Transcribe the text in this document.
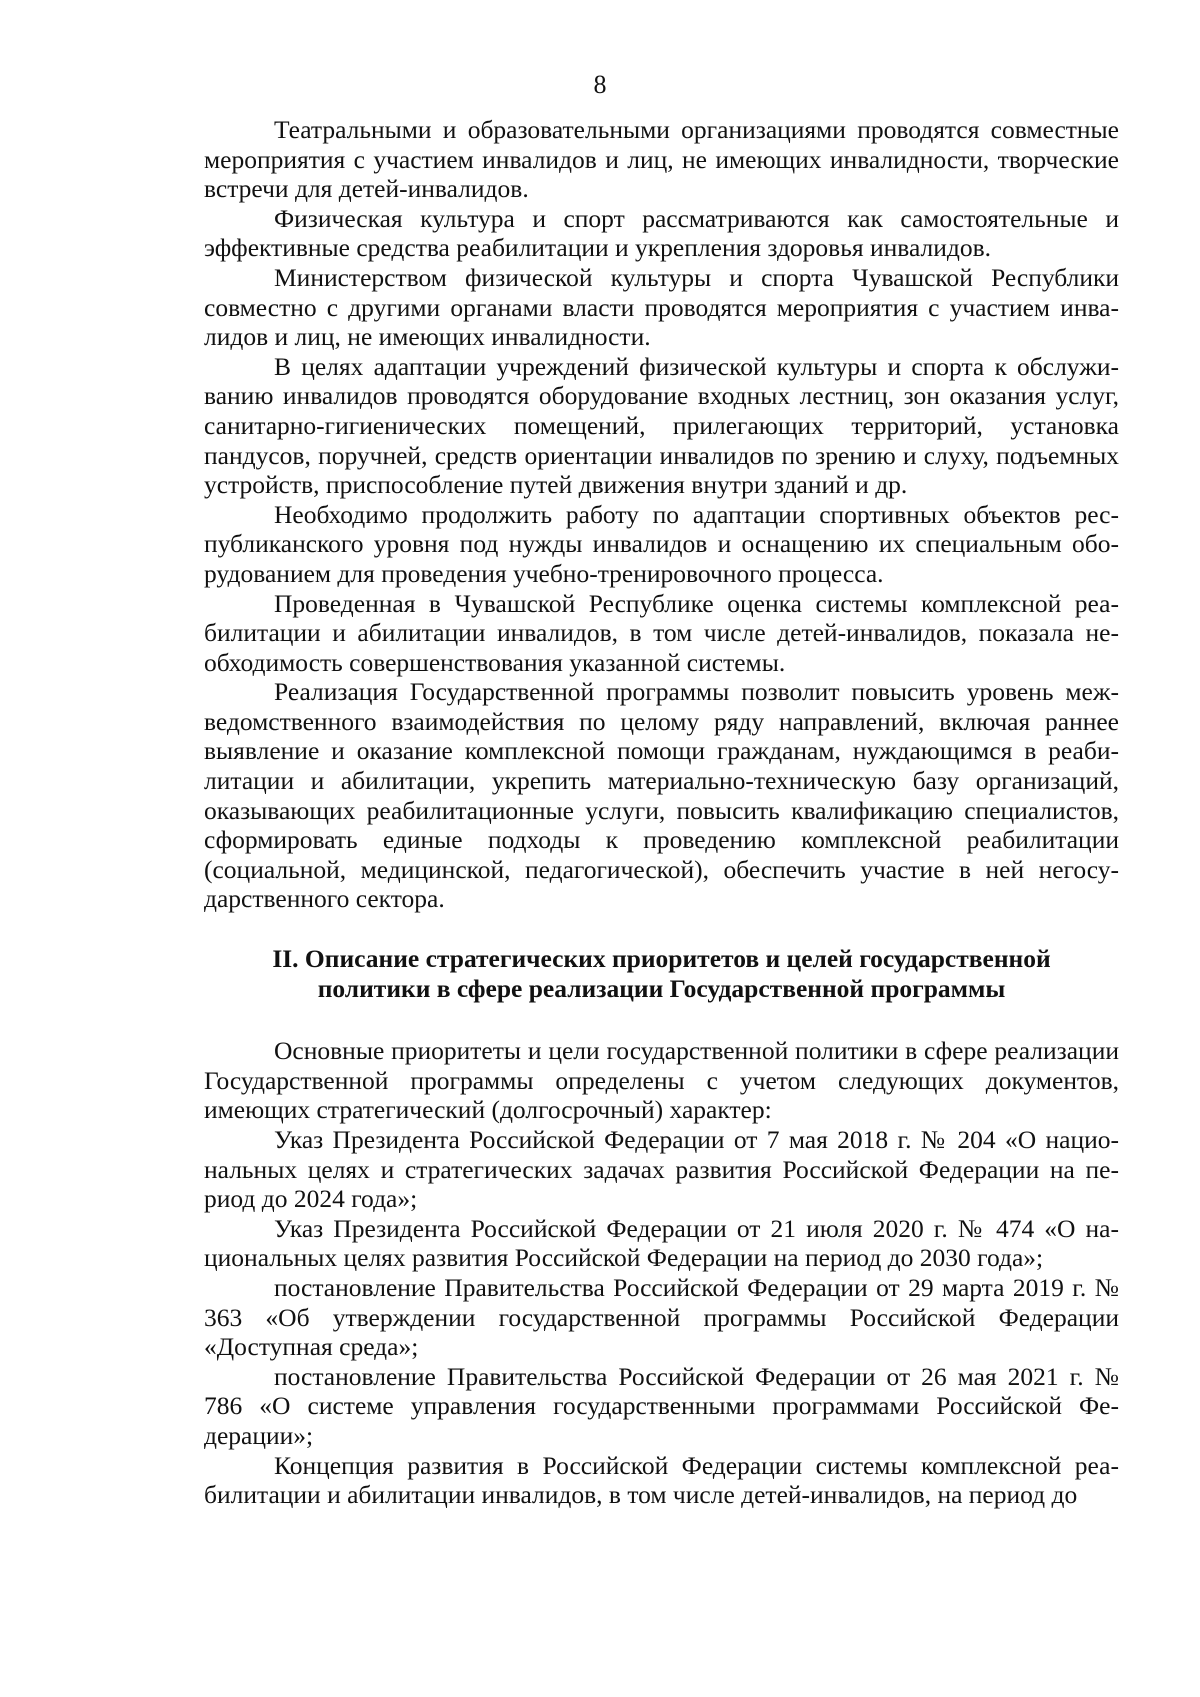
8

Театральными и образовательными организациями проводятся совместные мероприятия с участием инвалидов и лиц, не имеющих инвалидности, творческие встречи для детей-инвалидов.

Физическая культура и спорт рассматриваются как самостоятельные и эффективные средства реабилитации и укрепления здоровья инвалидов.

Министерством физической культуры и спорта Чувашской Республики совместно с другими органами власти проводятся мероприятия с участием инвалидов и лиц, не имеющих инвалидности.

В целях адаптации учреждений физической культуры и спорта к обслуживанию инвалидов проводятся оборудование входных лестниц, зон оказания услуг, санитарно-гигиенических помещений, прилегающих территорий, установка пандусов, поручней, средств ориентации инвалидов по зрению и слуху, подъемных устройств, приспособление путей движения внутри зданий и др.

Необходимо продолжить работу по адаптации спортивных объектов республиканского уровня под нужды инвалидов и оснащению их специальным оборудованием для проведения учебно-тренировочного процесса.

Проведенная в Чувашской Республике оценка системы комплексной реабилитации и абилитации инвалидов, в том числе детей-инвалидов, показала необходимость совершенствования указанной системы.

Реализация Государственной программы позволит повысить уровень межведомственного взаимодействия по целому ряду направлений, включая раннее выявление и оказание комплексной помощи гражданам, нуждающимся в реабилитации и абилитации, укрепить материально-техническую базу организаций, оказывающих реабилитационные услуги, повысить квалификацию специалистов, сформировать единые подходы к проведению комплексной реабилитации (социальной, медицинской, педагогической), обеспечить участие в ней негосударственного сектора.

II. Описание стратегических приоритетов и целей государственной
политики в сфере реализации Государственной программы

Основные приоритеты и цели государственной политики в сфере реализации Государственной программы определены с учетом следующих документов, имеющих стратегический (долгосрочный) характер:

Указ Президента Российской Федерации от 7 мая 2018 г. № 204 «О национальных целях и стратегических задачах развития Российской Федерации на период до 2024 года»;

Указ Президента Российской Федерации от 21 июля 2020 г. № 474 «О национальных целях развития Российской Федерации на период до 2030 года»;

постановление Правительства Российской Федерации от 29 марта 2019 г. № 363 «Об утверждении государственной программы Российской Федерации «Доступная среда»;

постановление Правительства Российской Федерации от 26 мая 2021 г. № 786 «О системе управления государственными программами Российской Федерации»;

Концепция развития в Российской Федерации системы комплексной реабилитации и абилитации инвалидов, в том числе детей-инвалидов, на период до
